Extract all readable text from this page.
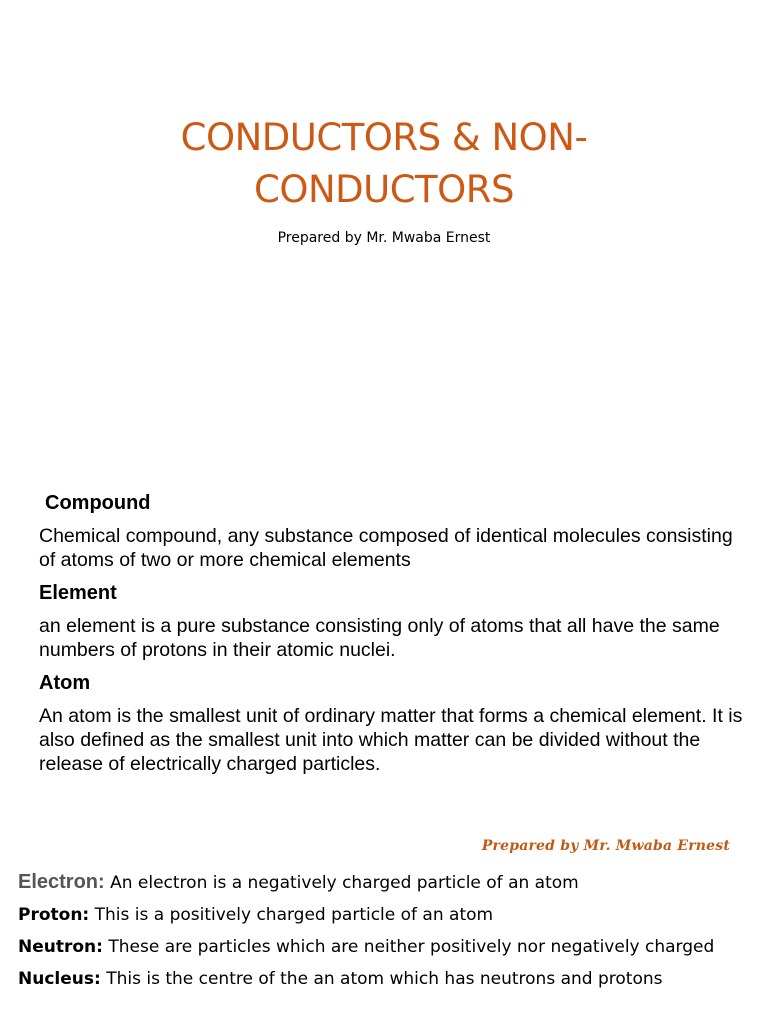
CONDUCTORS & NON-
CONDUCTORS
Prepared by Mr. Mwaba Ernest

Compound

Chemical compound, any substance composed of identical molecules consisting of atoms of two or more chemical elements

Element

an element is a pure substance consisting only of atoms that all have the same numbers of protons in their atomic nuclei.

Atom

An atom is the smallest unit of ordinary matter that forms a chemical element. It is also defined as the smallest unit into which matter can be divided without the release of electrically charged particles.

Prepared by Mr. Mwaba Ernest

Electron: An electron is a negatively charged particle of an atom

Proton: This is a positively charged particle of an atom

Neutron: These are particles which are neither positively nor negatively charged

Nucleus: This is the centre of the an atom which has neutrons and protons
